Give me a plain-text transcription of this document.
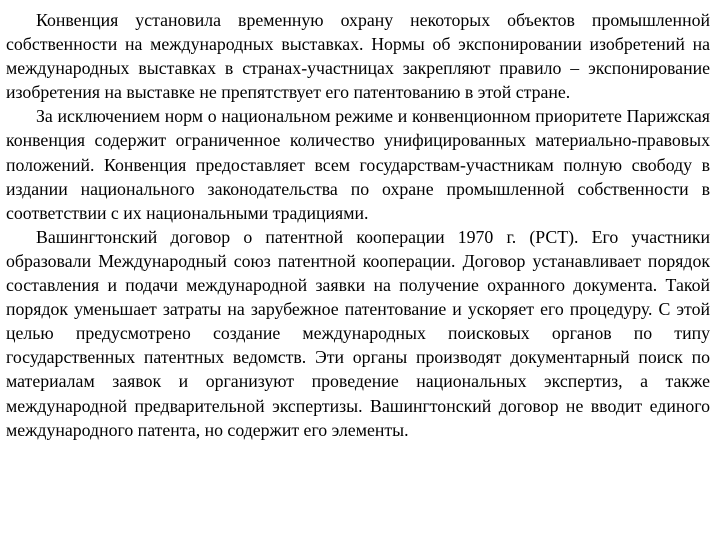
Конвенция установила временную охрану некоторых объектов промышленной собственности на международных выставках. Нормы об экспонировании изобретений на международных выставках в странах-участницах закрепляют правило – экспонирование изобретения на выставке не препятствует его патентованию в этой стране.

За исключением норм о национальном режиме и конвенционном приоритете Парижская конвенция содержит ограниченное количество унифицированных материально-правовых положений. Конвенция предоставляет всем государствам-участникам полную свободу в издании национального законодательства по охране промышленной собственности в соответствии с их национальными традициями.

Вашингтонский договор о патентной кооперации 1970 г. (РСТ). Его участники образовали Международный союз патентной кооперации. Договор устанавливает порядок составления и подачи международной заявки на получение охранного документа. Такой порядок уменьшает затраты на зарубежное патентование и ускоряет его процедуру. С этой целью предусмотрено создание международных поисковых органов по типу государственных патентных ведомств. Эти органы производят документарный поиск по материалам заявок и организуют проведение национальных экспертиз, а также международной предварительной экспертизы. Вашингтонский договор не вводит единого международного патента, но содержит его элементы.
